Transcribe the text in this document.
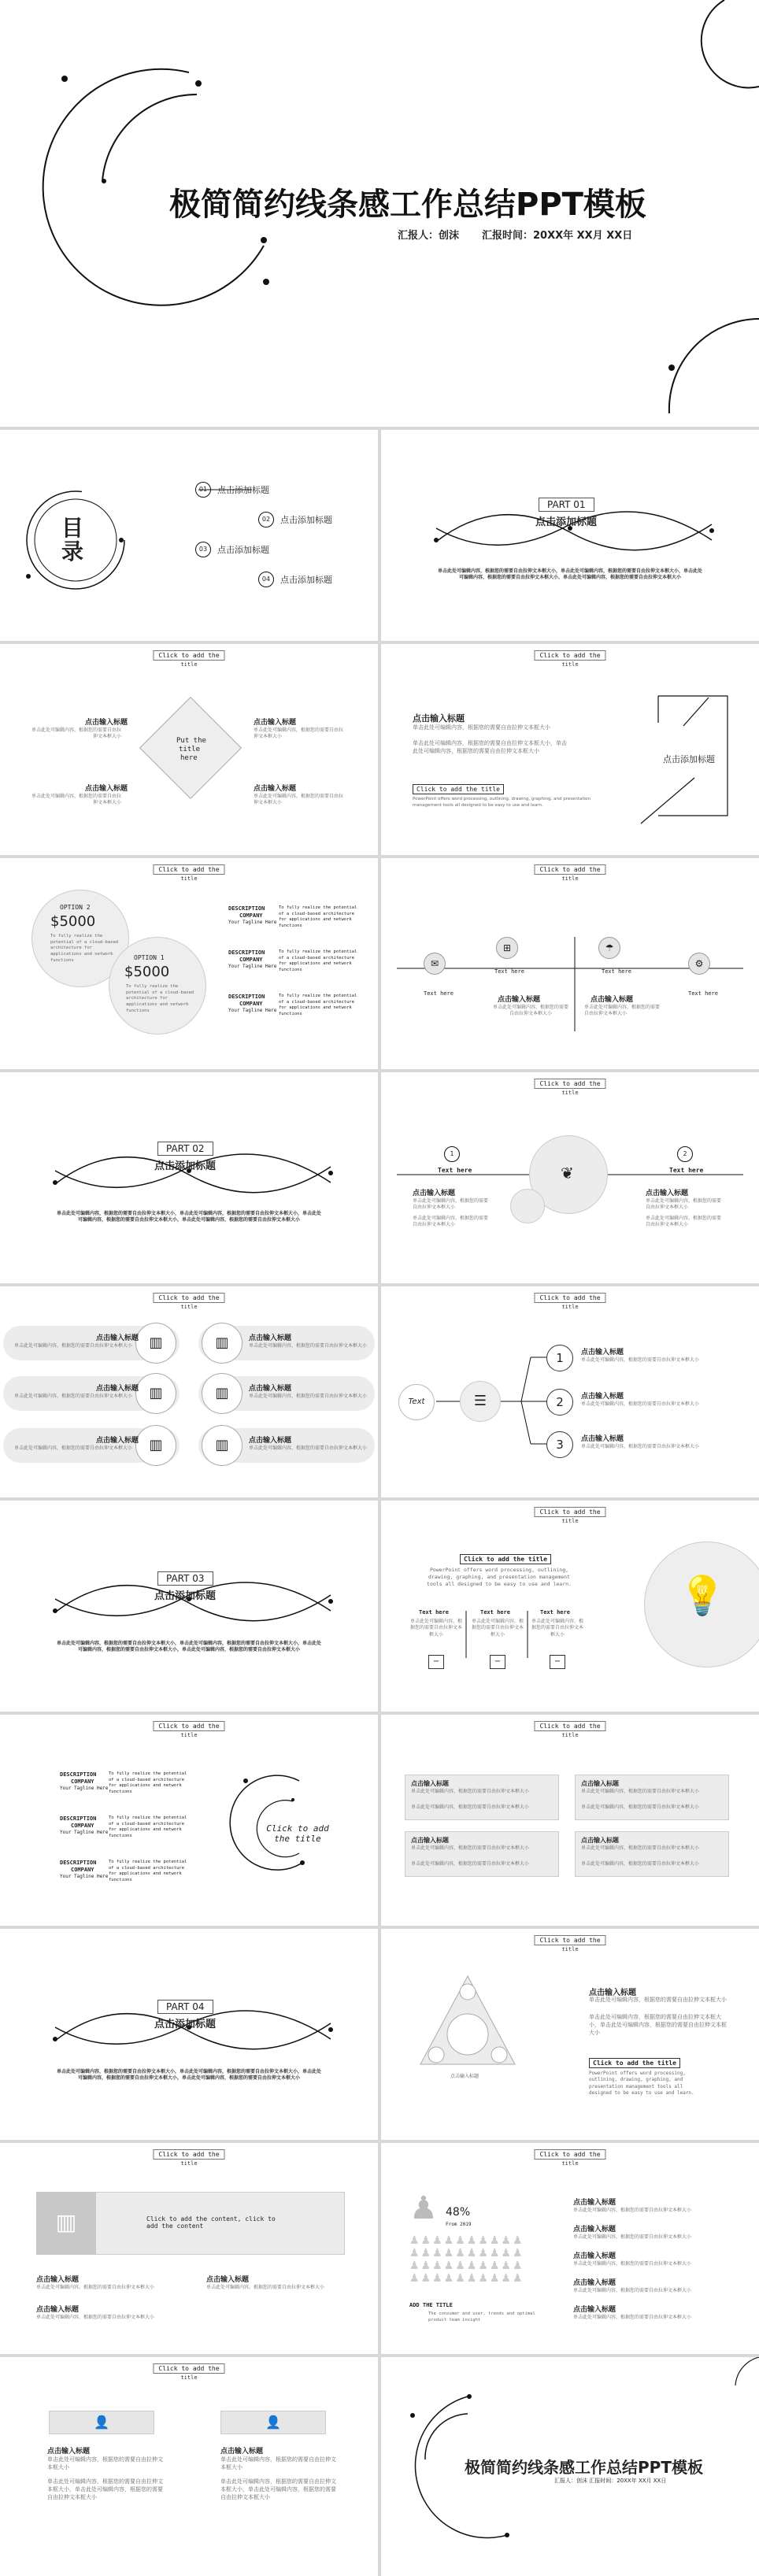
极简简约线条感工作总结PPT模板
汇报人：创沫 汇报时间：20XX年 XX月 XX日
目录
01	点击添加标题
02	点击添加标题
03	点击添加标题
04	点击添加标题
PART 01
点击添加标题
单击此处可编辑内容，根据您的需要自由拉伸文本框大小，单击此处可编辑内容，根据您的需要自由拉伸文本框大小，单击此处可编辑内容，根据您的需要自由拉伸文本框大小，单击此处可编辑内容，根据您的需要自由拉伸文本框大小
Click to add the
title
Put the
title
here
点击输入标题
单击此处可编辑内容，根据您的需要自由拉伸文本框大小
点击输入标题
单击此处可编辑内容，根据您的需要自由拉伸文本框大小
点击输入标题
单击此处可编辑内容，根据您的需要自由拉伸文本框大小
点击输入标题
单击此处可编辑内容，根据您的需要自由拉伸文本框大小
Click to add the
title
点击输入标题
单击此处可编辑内容，根据您的需要自由拉伸文本框大小
单击此处可编辑内容，根据您的需要自由拉伸文本框大小，单击此处可编辑内容，根据您的需要自由拉伸文本框大小
Click to add the title
PowerPoint offers word processing, outlining, drawing, graphing, and presentation management tools all designed to be easy to use and learn.
点击添加标题
Click to add the
title
OPTION 2
$5000
To fully realize the potential of a cloud-based architecture for applications and network functions	OPTION 1
$5000
To fully realize the potential of a cloud-based architecture for applications and network functions
DESCRIPTION
COMPANY
Your Tagline Here
To fully realize the potential of a cloud-based architecture for applications and network functions
DESCRIPTION
COMPANY
Your Tagline Here
To fully realize the potential of a cloud-based architecture for applications and network functions
DESCRIPTION
COMPANY
Your Tagline Here
To fully realize the potential of a cloud-based architecture for applications and network functions
Click to add the
title
✉
⊞	☂
⚙
Text here
Text here	Text here
Text here
点击输入标题
单击此处可编辑内容，根据您的需要自由拉伸文本框大小
点击输入标题
单击此处可编辑内容，根据您的需要自由拉伸文本框大小
PART 02
点击添加标题
单击此处可编辑内容，根据您的需要自由拉伸文本框大小，单击此处可编辑内容，根据您的需要自由拉伸文本框大小，单击此处可编辑内容，根据您的需要自由拉伸文本框大小，单击此处可编辑内容，根据您的需要自由拉伸文本框大小
Click to add the
title
❦
1	2
Text here	Text here
点击输入标题
单击此处可编辑内容，根据您的需要自由拉伸文本框大小
单击此处可编辑内容，根据您的需要自由拉伸文本框大小
点击输入标题
单击此处可编辑内容，根据您的需要自由拉伸文本框大小
单击此处可编辑内容，根据您的需要自由拉伸文本框大小
Click to add the
title
▥
▥
▥
▥
▥
▥
点击输入标题
单击此处可编辑内容，根据您的需要自由拉伸文本框大小
点击输入标题
单击此处可编辑内容，根据您的需要自由拉伸文本框大小
点击输入标题
单击此处可编辑内容，根据您的需要自由拉伸文本框大小
点击输入标题
单击此处可编辑内容，根据您的需要自由拉伸文本框大小
点击输入标题
单击此处可编辑内容，根据您的需要自由拉伸文本框大小
点击输入标题
单击此处可编辑内容，根据您的需要自由拉伸文本框大小
Click to add the
title
Text	☰
1
2
3
点击输入标题
单击此处可编辑内容，根据您的需要自由拉伸文本框大小
点击输入标题
单击此处可编辑内容，根据您的需要自由拉伸文本框大小
点击输入标题
单击此处可编辑内容，根据您的需要自由拉伸文本框大小
PART 03
点击添加标题
单击此处可编辑内容，根据您的需要自由拉伸文本框大小，单击此处可编辑内容，根据您的需要自由拉伸文本框大小，单击此处可编辑内容，根据您的需要自由拉伸文本框大小，单击此处可编辑内容，根据您的需要自由拉伸文本框大小
Click to add the
title
Click to add the title
PowerPoint offers word processing, outlining, drawing, graphing, and presentation management tools all designed to be easy to use and learn.	💡
Text here
单击此处可编辑内容，根据您的需要自由拉伸文本框大小
Text here
单击此处可编辑内容，根据您的需要自由拉伸文本框大小
Text here
单击此处可编辑内容，根据您的需要自由拉伸文本框大小
−	−	−
Click to add the
title
DESCRIPTION
COMPANY
Your Tagline Here
To fully realize the potential of a cloud-based architecture for applications and network functions
DESCRIPTION
COMPANY
Your Tagline Here
To fully realize the potential of a cloud-based architecture for applications and network functions
DESCRIPTION
COMPANY
Your Tagline Here
To fully realize the potential of a cloud-based architecture for applications and network functions
Click to add the title
Click to add the
title
点击输入标题
单击此处可编辑内容，根据您的需要自由拉伸文本框大小
单击此处可编辑内容，根据您的需要自由拉伸文本框大小
点击输入标题
单击此处可编辑内容，根据您的需要自由拉伸文本框大小
单击此处可编辑内容，根据您的需要自由拉伸文本框大小
点击输入标题
单击此处可编辑内容，根据您的需要自由拉伸文本框大小
单击此处可编辑内容，根据您的需要自由拉伸文本框大小
点击输入标题
单击此处可编辑内容，根据您的需要自由拉伸文本框大小
单击此处可编辑内容，根据您的需要自由拉伸文本框大小
PART 04
点击添加标题
单击此处可编辑内容，根据您的需要自由拉伸文本框大小，单击此处可编辑内容，根据您的需要自由拉伸文本框大小，单击此处可编辑内容，根据您的需要自由拉伸文本框大小，单击此处可编辑内容，根据您的需要自由拉伸文本框大小
Click to add the
title
点击输入标题
点击输入标题
单击此处可编辑内容，根据您的需要自由拉伸文本框大小
单击此处可编辑内容，根据您的需要自由拉伸文本框大小，单击此处可编辑内容，根据您的需要自由拉伸文本框大小
Click to add the title
PowerPoint offers word processing, outlining, drawing, graphing, and presentation management tools all designed to be easy to use and learn.
Click to add the
title
▥	Click to add the content, click to add the content
点击输入标题
单击此处可编辑内容，根据您的需要自由拉伸文本框大小
点击输入标题
单击此处可编辑内容，根据您的需要自由拉伸文本框大小
点击输入标题
单击此处可编辑内容，根据您的需要自由拉伸文本框大小
Click to add the
title
♟ 48%
From 2019
♟♟♟♟♟♟♟♟♟♟ ♟♟♟♟♟♟♟♟♟♟ ♟♟♟♟♟♟♟♟♟♟ ♟♟♟♟♟♟♟♟♟♟
ADD THE TITLE
The consumer and user, trends and optimal product team insight
点击输入标题
单击此处可编辑内容，根据您的需要自由拉伸文本框大小
点击输入标题
单击此处可编辑内容，根据您的需要自由拉伸文本框大小
点击输入标题
单击此处可编辑内容，根据您的需要自由拉伸文本框大小
点击输入标题
单击此处可编辑内容，根据您的需要自由拉伸文本框大小
点击输入标题
单击此处可编辑内容，根据您的需要自由拉伸文本框大小
Click to add the
title
👤	👤
点击输入标题
单击此处可编辑内容，根据您的需要自由拉伸文本框大小
单击此处可编辑内容，根据您的需要自由拉伸文本框大小，单击此处可编辑内容，根据您的需要自由拉伸文本框大小
点击输入标题
单击此处可编辑内容，根据您的需要自由拉伸文本框大小
单击此处可编辑内容，根据您的需要自由拉伸文本框大小，单击此处可编辑内容，根据您的需要自由拉伸文本框大小
极简简约线条感工作总结PPT模板
汇报人：创沫 汇报时间：20XX年 XX月 XX日
